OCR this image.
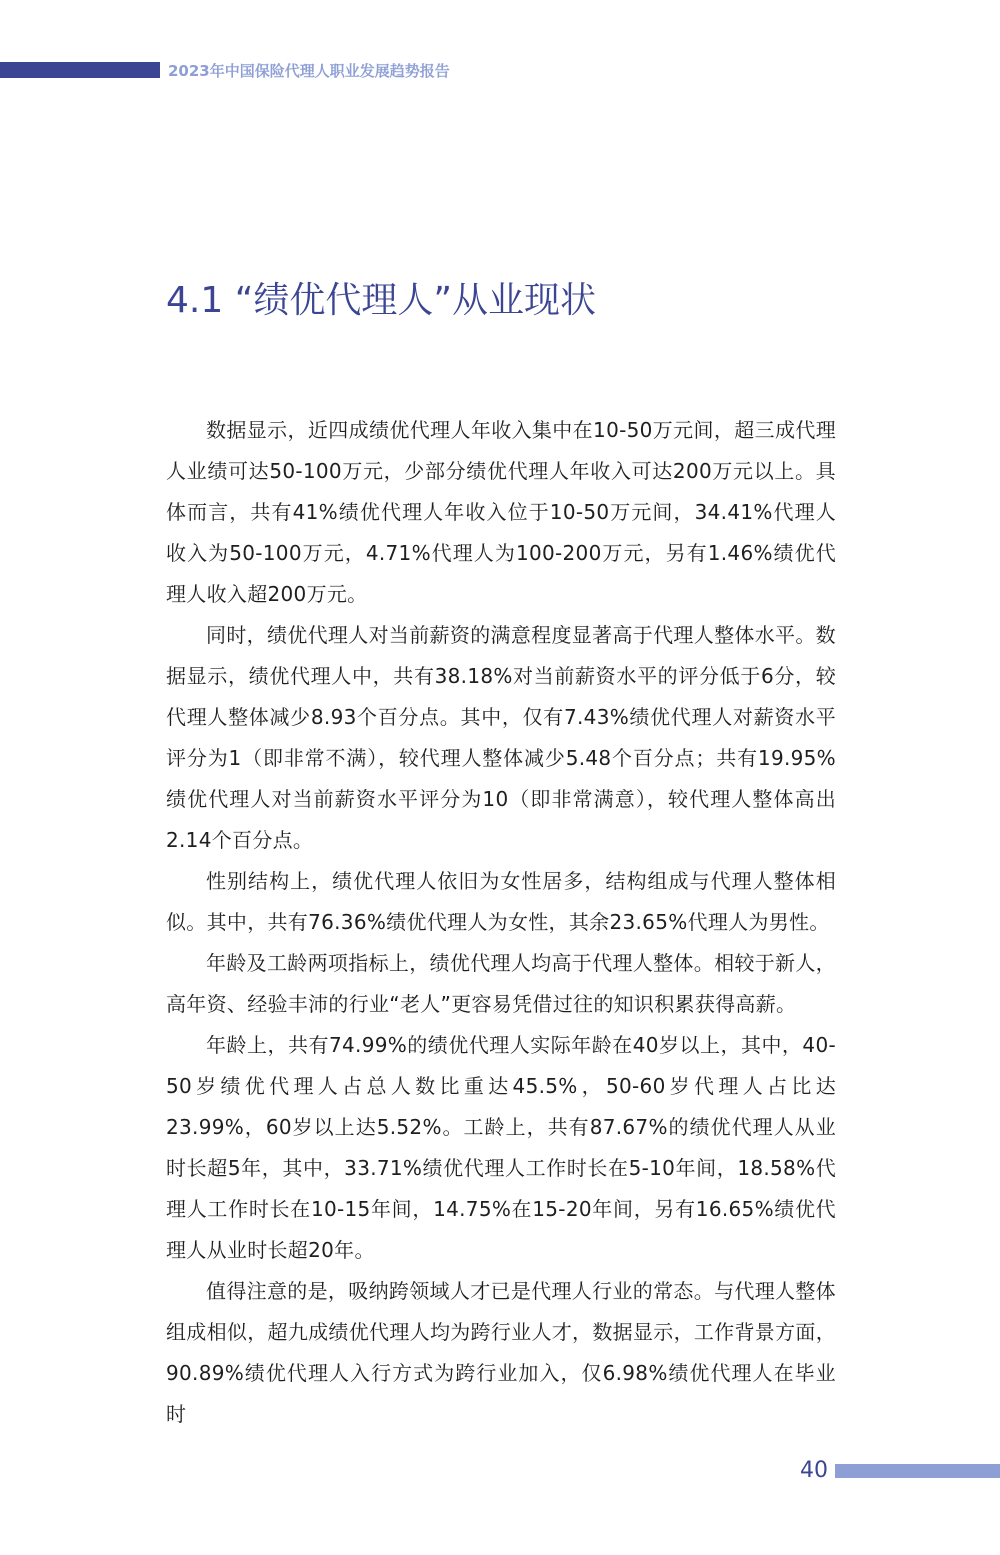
2023年中国保险代理人职业发展趋势报告
4.1 “绩优代理人”从业现状

数据显示，近四成绩优代理人年收入集中在10-50万元间，超三成代理人业绩可达50-100万元，少部分绩优代理人年收入可达200万元以上。具体而言，共有41%绩优代理人年收入位于10-50万元间，34.41%代理人收入为50-100万元，4.71%代理人为100-200万元，另有1.46%绩优代理人收入超200万元。

同时，绩优代理人对当前薪资的满意程度显著高于代理人整体水平。数据显示，绩优代理人中，共有38.18%对当前薪资水平的评分低于6分，较代理人整体减少8.93个百分点。其中，仅有7.43%绩优代理人对薪资水平评分为1（即非常不满），较代理人整体减少5.48个百分点；共有19.95%绩优代理人对当前薪资水平评分为10（即非常满意），较代理人整体高出2.14个百分点。

性别结构上，绩优代理人依旧为女性居多，结构组成与代理人整体相似。其中，共有76.36%绩优代理人为女性，其余23.65%代理人为男性。

年龄及工龄两项指标上，绩优代理人均高于代理人整体。相较于新人，高年资、经验丰沛的行业“老人”更容易凭借过往的知识积累获得高薪。

年龄上，共有74.99%的绩优代理人实际年龄在40岁以上，其中，40-50岁绩优代理人占总人数比重达45.5%，50-60岁代理人占比达23.99%，60岁以上达5.52%。工龄上，共有87.67%的绩优代理人从业时长超5年，其中，33.71%绩优代理人工作时长在5-10年间，18.58%代理人工作时长在10-15年间，14.75%在15-20年间，另有16.65%绩优代理人从业时长超20年。

值得注意的是，吸纳跨领域人才已是代理人行业的常态。与代理人整体组成相似，超九成绩优代理人均为跨行业人才，数据显示，工作背景方面，90.89%绩优代理人入行方式为跨行业加入，仅6.98%绩优代理人在毕业时

40
